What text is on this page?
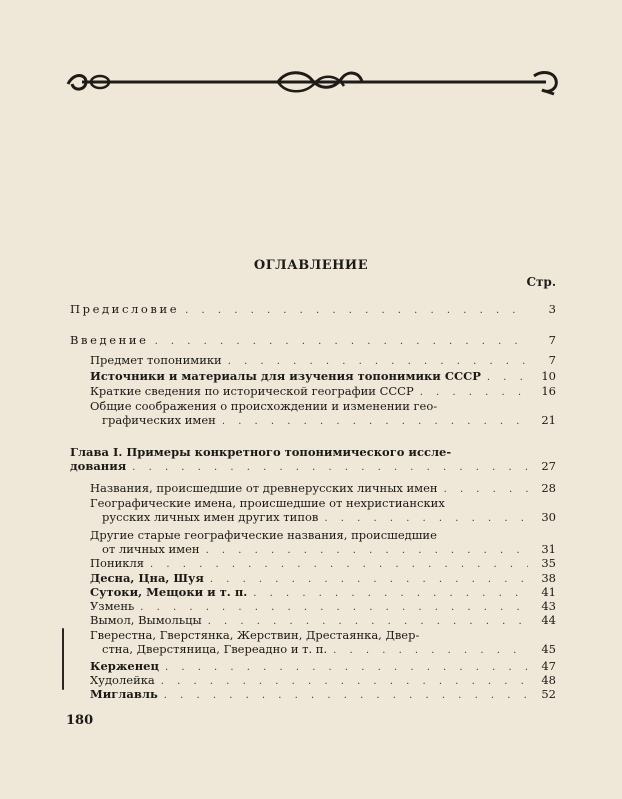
ОГЛАВЛЕНИЕ
Стр.
Предисловие . . .	3
Введение . . .	7
Предмет топонимики . . .	7
Источники и материалы для изучения топонимики СССР . . .	10
Краткие сведения по исторической географии СССР . . .	16
Общие соображения о происхождении и изменении гео-
графических имен . . .	21
Глава I. Примеры конкретного топонимического иссле-
дования . . .	27
Названия, происшедшие от древнерусских личных имен . . .	28
Географические имена, происшедшие от нехристианских
русских личных имен других типов . . .	30
Другие старые географические названия, происшедшие
от личных имен . . .	31
Поникля . . .	35
Десна, Цна, Шуя . . .	38
Сутоки, Мещоки и т. п. . . .	41
Узмень . . .	43
Вымол, Вымольцы . . .	44
Гверестна, Гверстянка, Жерствин, Дрестаянка, Двер-
стна, Дверстяница, Гвереадно и т. п. . . .	45
Керженец . . .	47
Худолейка . . .	48
Миглавль . . .	52
180
